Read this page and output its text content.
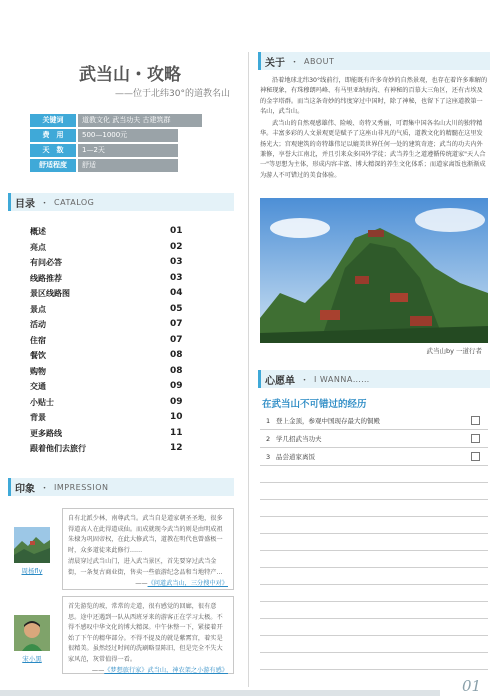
武当山・攻略
——位于北纬30°的道教名山
关键词	道教文化 武当功夫 古建筑群
费　用	500—1000元
天　数	1—2天
舒适程度	舒适
目录 ・ CATALOG
概述	01
亮点	02
有问必答	03
线路推荐	03
景区线路图	04
景点	05
活动	07
住宿	07
餐饮	08
购物	08
交通	09
小贴士	09
背景	10
更多路线	11
跟着他们去旅行	12
印象 ・ IMPRESSION
周杨fly

自有北派少林，南尊武当。武当自是道家朝圣圣地，很多得道高人在此得道成仙。而成就现今武当的则是由明成祖朱棣为巩固帝权，在此大修武当，道教在明代也曾盛极一时，众多道徒来此修行……

清晨穿过武当山门，进入武当景区，首先要穿过武当金街，一条复古商业街，售卖一些旅游纪念品和当地特产…

——《问道武当山，三分搜中对》
宋小黑

首先游览的坡，常常的走道，很有感觉的回廊，很有意思。途中还遇到一队从西班牙来的游客正在学习太极。不得不感叹中华文化的博大精深。中午休整一下，紧接着开始了下午的精华部分。不得不提及的就是紫霄宫，着实是很精美。虽然经过时间的洗刷略显陈旧，但是完全不失大家风范，灰常值得一看。

——《梦想旅行家》武当山，神农架之小游有感》
关于 ・ ABOUT

沿着地球北纬30°线前行，即能既有许多奇妙的自然景观，也存在着许多难解的神秘现象，有珠穆朗玛峰、有马里亚纳海沟、有神秘的百慕大三角区，还有古埃及的金字塔群。而当这条奇妙的纬度穿过中国时，除了神秘，也留下了这座道教第一名山，武当山。

武当山的自然观感雄伟、险峻、奇特又秀丽，可谓集中国各名山大川的独特精华。丰富多彩的人文景观更是赋予了这座山非凡的气质，道教文化的精髓在这里发扬光大；宫观建筑的奇特雄伟足以媲美世界任何一处的建筑奇迹；武当的功夫内外兼修，享誉大江南北，并且引来众多国外学徒；武当养生之道遵循传统道家"天人合一"等思想为主体，形成内容丰富、博大精深的养生文化体系；而道家离饭也渐渐成为游人不可错过的美食体验。

武当山by 一道行者
心愿单 ・ I WANNA……
在武当山不可错过的经历
1 登上金顶，参观中国现存最大的铜殿
2 学几招武当功夫
3 品尝道家离饭
01
